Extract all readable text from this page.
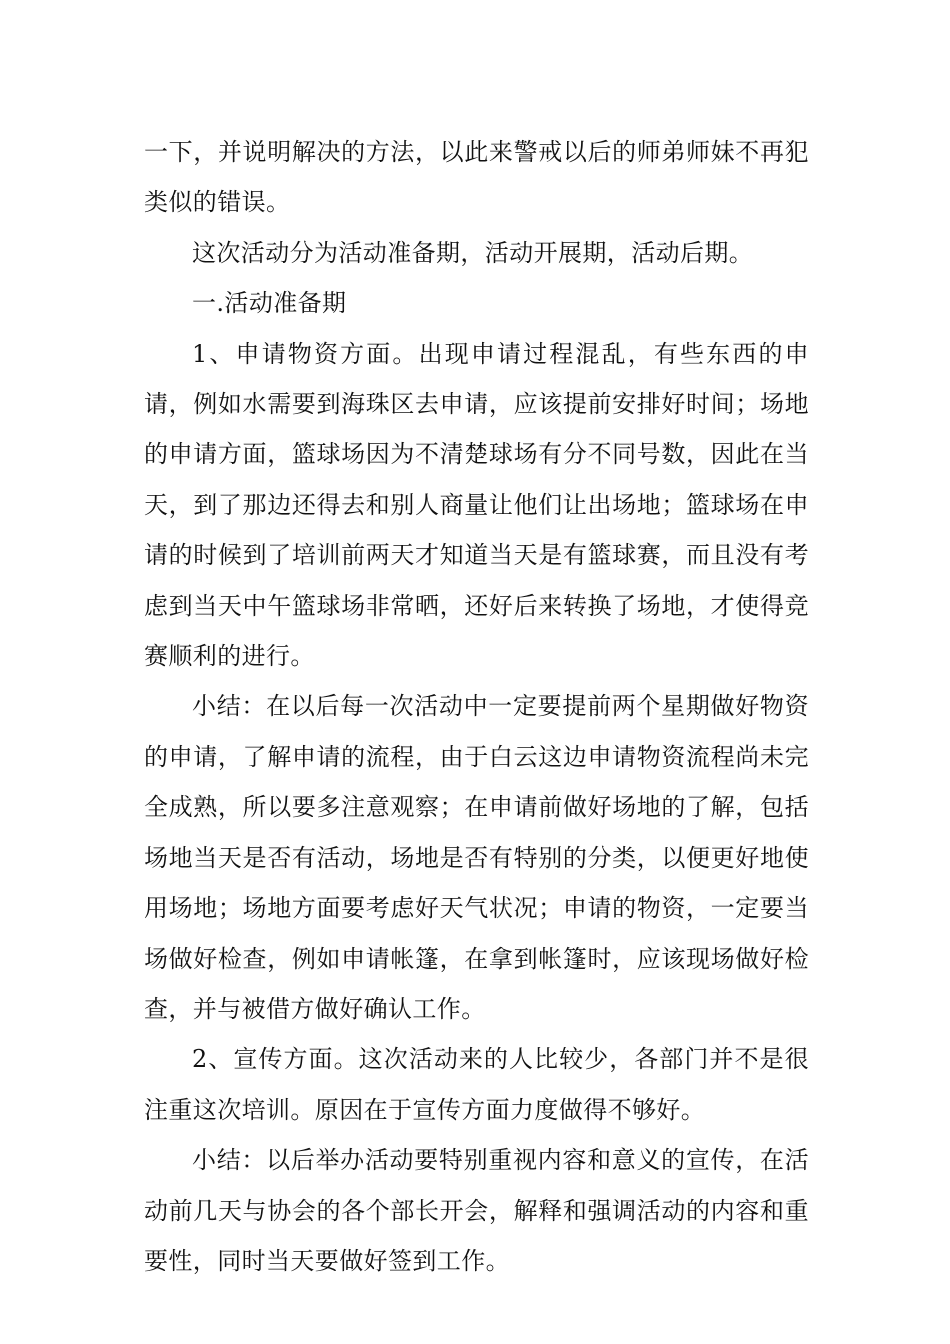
一下，并说明解决的方法，以此来警戒以后的师弟师妹不再犯类似的错误。

这次活动分为活动准备期，活动开展期，活动后期。

一.活动准备期

1、申请物资方面。出现申请过程混乱，有些东西的申请，例如水需要到海珠区去申请，应该提前安排好时间；场地的申请方面，篮球场因为不清楚球场有分不同号数，因此在当天，到了那边还得去和别人商量让他们让出场地；篮球场在申请的时候到了培训前两天才知道当天是有篮球赛，而且没有考虑到当天中午篮球场非常晒，还好后来转换了场地，才使得竞赛顺利的进行。

小结：在以后每一次活动中一定要提前两个星期做好物资的申请，了解申请的流程，由于白云这边申请物资流程尚未完全成熟，所以要多注意观察；在申请前做好场地的了解，包括场地当天是否有活动，场地是否有特别的分类，以便更好地使用场地；场地方面要考虑好天气状况；申请的物资，一定要当场做好检查，例如申请帐篷，在拿到帐篷时，应该现场做好检查，并与被借方做好确认工作。

2、宣传方面。这次活动来的人比较少，各部门并不是很注重这次培训。原因在于宣传方面力度做得不够好。

小结：以后举办活动要特别重视内容和意义的宣传，在活动前几天与协会的各个部长开会，解释和强调活动的内容和重要性，同时当天要做好签到工作。
